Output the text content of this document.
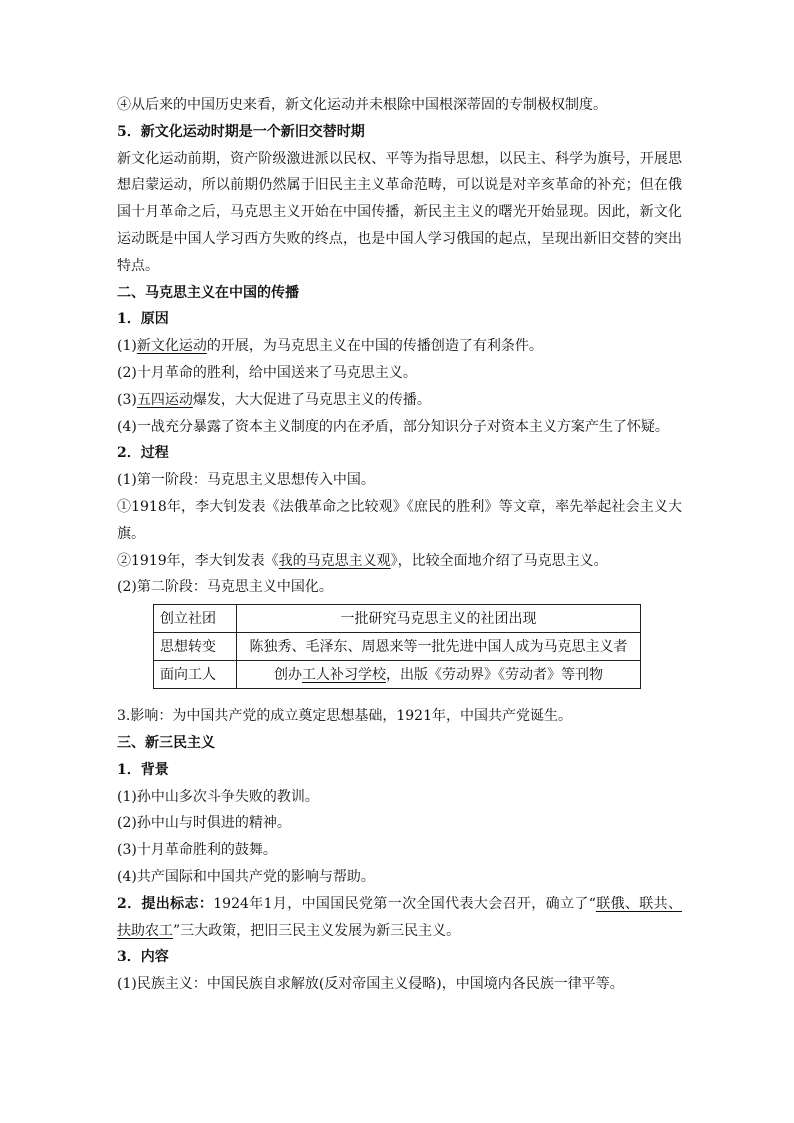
④从后来的中国历史来看，新文化运动并未根除中国根深蒂固的专制极权制度。
5．新文化运动时期是一个新旧交替时期
新文化运动前期，资产阶级激进派以民权、平等为指导思想，以民主、科学为旗号，开展思想启蒙运动，所以前期仍然属于旧民主主义革命范畴，可以说是对辛亥革命的补充；但在俄国十月革命之后，马克思主义开始在中国传播，新民主主义的曙光开始显现。因此，新文化运动既是中国人学习西方失败的终点，也是中国人学习俄国的起点，呈现出新旧交替的突出特点。
二、马克思主义在中国的传播
1．原因
(1)新文化运动的开展，为马克思主义在中国的传播创造了有利条件。
(2)十月革命的胜利，给中国送来了马克思主义。
(3)五四运动爆发，大大促进了马克思主义的传播。
(4)一战充分暴露了资本主义制度的内在矛盾，部分知识分子对资本主义方案产生了怀疑。
2．过程
(1)第一阶段：马克思主义思想传入中国。
①1918年，李大钊发表《法俄革命之比较观》《庶民的胜利》等文章，率先举起社会主义大旗。
②1919年，李大钊发表《我的马克思主义观》，比较全面地介绍了马克思主义。
(2)第二阶段：马克思主义中国化。
创立社团	一批研究马克思主义的社团出现
思想转变	陈独秀、毛泽东、周恩来等一批先进中国人成为马克思主义者
面向工人	创办工人补习学校，出版《劳动界》《劳动者》等刊物
3.影响：为中国共产党的成立奠定思想基础，1921年，中国共产党诞生。
三、新三民主义
1．背景
(1)孙中山多次斗争失败的教训。
(2)孙中山与时俱进的精神。
(3)十月革命胜利的鼓舞。
(4)共产国际和中国共产党的影响与帮助。
2．提出标志：1924年1月，中国国民党第一次全国代表大会召开，确立了“联俄、联共、扶助农工”三大政策，把旧三民主义发展为新三民主义。
3．内容
(1)民族主义：中国民族自求解放(反对帝国主义侵略)，中国境内各民族一律平等。
